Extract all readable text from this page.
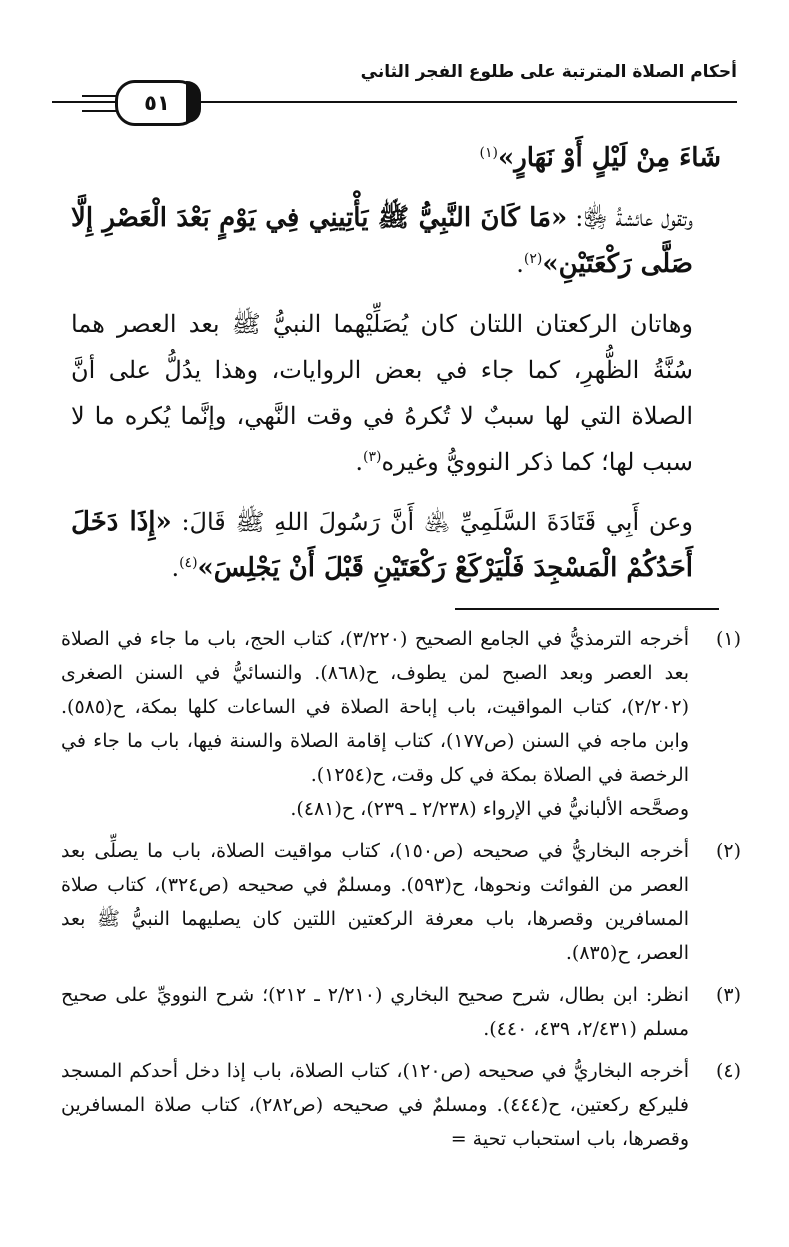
أحكام الصلاة المترتبة على طلوع الفجر الثاني
٥١

شَاءَ مِنْ لَيْلٍ أَوْ نَهَارٍ»$^{(١)}$

وتقول عائشةُ ﵂: «مَا كَانَ النَّبِيُّ ﷺ يَأْتِينِي فِي يَوْمٍ بَعْدَ الْعَصْرِ إِلَّا صَلَّى رَكْعَتَيْنِ»$^{(٢)}$.

وهاتان الركعتان اللتان كان يُصَلِّيْهما النبيُّ ﷺ بعد العصر هما سُنَّةُ الظُّهرِ، كما جاء في بعض الروايات، وهذا يدُلُّ على أنَّ الصلاة التي لها سببٌ لا تُكرهُ في وقت النَّهي، وإنَّما يُكره ما لا سبب لها؛ كما ذكر النوويُّ وغيره$^{(٣)}$.

وعن أَبِي قَتَادَةَ السَّلَمِيِّ ﵁ أَنَّ رَسُولَ اللهِ ﷺ قَالَ: «إِذَا دَخَلَ أَحَدُكُمْ الْمَسْجِدَ فَلْيَرْكَعْ رَكْعَتَيْنِ قَبْلَ أَنْ يَجْلِسَ»$^{(٤)}$.

(١)
أخرجه الترمذيُّ في الجامع الصحيح (٣/٢٢٠)، كتاب الحج، باب ما جاء في الصلاة بعد العصر وبعد الصبح لمن يطوف، ح(٨٦٨). والنسائيُّ في السنن الصغرى (٢/٢٠٢)، كتاب المواقيت، باب إباحة الصلاة في الساعات كلها بمكة، ح(٥٨٥). وابن ماجه في السنن (ص١٧٧)، كتاب إقامة الصلاة والسنة فيها، باب ما جاء في الرخصة في الصلاة بمكة في كل وقت، ح(١٢٥٤).
وصحَّحه الألبانيُّ في الإرواء (٢/٢٣٨ ـ ٢٣٩)، ح(٤٨١).
(٢)
أخرجه البخاريُّ في صحيحه (ص١٥٠)، كتاب مواقيت الصلاة، باب ما يصلِّى بعد العصر من الفوائت ونحوها، ح(٥٩٣). ومسلمٌ في صحيحه (ص٣٢٤)، كتاب صلاة المسافرين وقصرها، باب معرفة الركعتين اللتين كان يصليهما النبيُّ ﷺ بعد العصر، ح(٨٣٥).
(٣)
انظر: ابن بطال، شرح صحيح البخاري (٢/٢١٠ ـ ٢١٢)؛ شرح النوويِّ على صحيح مسلم (٢/٤٣١، ٤٣٩، ٤٤٠).
(٤)
أخرجه البخاريُّ في صحيحه (ص١٢٠)، كتاب الصلاة، باب إذا دخل أحدكم المسجد فليركع ركعتين، ح(٤٤٤). ومسلمٌ في صحيحه (ص٢٨٢)، كتاب صلاة المسافرين وقصرها، باب استحباب تحية =
